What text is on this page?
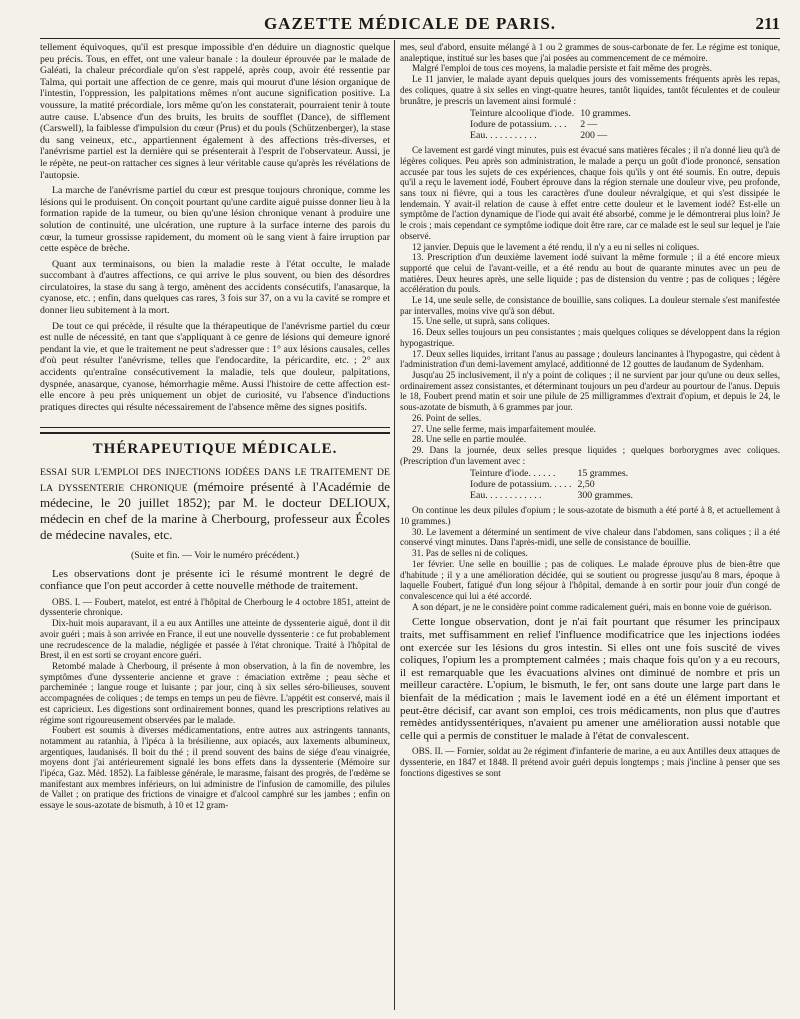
GAZETTE MÉDICALE DE PARIS.	211

tellement équivoques, qu'il est presque impossible d'en déduire un diagnostic quelque peu précis. Tous, en effet, ont une valeur banale : la douleur éprouvée par le malade de Galéati, la chaleur précordiale qu'on s'est rappelé, après coup, avoir été ressentie par Talma, qui portait une affection de ce genre, mais qui mourut d'une lésion organique de l'intestin, l'oppression, les palpitations mêmes n'ont aucune signification positive. La voussure, la matité précordiale, lors même qu'on les constaterait, pourraient tenir à toute autre cause. L'absence d'un des bruits, les bruits de soufflet (Dance), de sifflement (Carswell), la faiblesse d'impulsion du cœur (Prus) et du pouls (Schützenberger), la stase du sang veineux, etc., appartiennent également à des affections très-diverses, et l'anévrisme partiel est la dernière qui se présenterait à l'esprit de l'observateur. Aussi, je le répète, ne peut-on rattacher ces signes à leur véritable cause qu'après les révélations de l'autopsie.

La marche de l'anévrisme partiel du cœur est presque toujours chronique, comme les lésions qui le produisent. On conçoit pourtant qu'une cardite aiguë puisse donner lieu à la formation rapide de la tumeur, ou bien qu'une lésion chronique venant à produire une solution de continuité, une ulcération, une rupture à la surface interne des parois du cœur, la tumeur grossisse rapidement, du moment où le sang vient à faire irruption par cette espèce de brèche.

Quant aux terminaisons, ou bien la maladie reste à l'état occulte, le malade succombant à d'autres affections, ce qui arrive le plus souvent, ou bien des désordres circulatoires, la stase du sang à tergo, amènent des accidents consécutifs, l'anasarque, la cyanose, etc. ; enfin, dans quelques cas rares, 3 fois sur 37, on a vu la cavité se rompre et donner lieu subitement à la mort.

De tout ce qui précède, il résulte que la thérapeutique de l'anévrisme partiel du cœur est nulle de nécessité, en tant que s'appliquant à ce genre de lésions qui demeure ignoré pendant la vie, et que le traitement ne peut s'adresser que : 1° aux lésions causales, celles d'où peut résulter l'anévrisme, telles que l'endocardite, la péricardite, etc. ; 2° aux accidents qu'entraîne consécutivement la maladie, tels que douleur, palpitations, dyspnée, anasarque, cyanose, hémorrhagie même. Aussi l'histoire de cette affection est-elle encore à peu près uniquement un objet de curiosité, vu l'absence d'inductions pratiques directes qui résulte nécessairement de l'absence même des signes positifs.

THÉRAPEUTIQUE MÉDICALE.

ESSAI SUR L'EMPLOI DES INJECTIONS IODÉES DANS LE TRAITEMENT DE LA DYSSENTERIE CHRONIQUE (mémoire présenté à l'Académie de médecine, le 20 juillet 1852); par M. le docteur DELIOUX, médecin en chef de la marine à Cherbourg, professeur aux Écoles de médecine navales, etc.

(Suite et fin. — Voir le numéro précédent.)

Les observations dont je présente ici le résumé montrent le degré de confiance que l'on peut accorder à cette nouvelle méthode de traitement.

OBS. I. — Foubert, matelot, est entré à l'hôpital de Cherbourg le 4 octobre 1851, atteint de dyssenterie chronique.

Dix-huit mois auparavant, il a eu aux Antilles une atteinte de dyssenterie aiguë, dont il dit avoir guéri ; mais à son arrivée en France, il eut une nouvelle dyssenterie : ce fut probablement une recrudescence de la maladie, négligée et passée à l'état chronique. Traité à l'hôpital de Brest, il en est sorti se croyant encore guéri.

Retombé malade à Cherbourg, il présente à mon observation, à la fin de novembre, les symptômes d'une dyssenterie ancienne et grave : émaciation extrême ; peau sèche et parcheminée ; langue rouge et luisante ; par jour, cinq à six selles séro-bilieuses, souvent accompagnées de coliques ; de temps en temps un peu de fièvre. L'appétit est conservé, mais il est capricieux. Les digestions sont ordinairement bonnes, quand les prescriptions relatives au régime sont rigoureusement observées par le malade.

Foubert est soumis à diverses médicamentations, entre autres aux astringents tannants, notamment au ratanhia, à l'ipéca à la brésilienne, aux opiacés, aux laxements albumineux, argentiques, laudanisés. Il boit du thé ; il prend souvent des bains de siége d'eau vinaigrée, moyens dont j'ai antérieurement signalé les bons effets dans la dyssenterie (Mémoire sur l'ipéca, Gaz. Méd. 1852). La faiblesse générale, le marasme, faisant des progrès, de l'œdème se manifestant aux membres inférieurs, on lui administre de l'infusion de camomille, des pilules de Vallet ; on pratique des frictions de vinaigre et d'alcool camphré sur les jambes ; enfin on essaye le sous-azotate de bismuth, à 10 et 12 gram-

mes, seul d'abord, ensuite mélangé à 1 ou 2 grammes de sous-carbonate de fer. Le régime est tonique, analeptique, institué sur les bases que j'ai posées au commencement de ce mémoire.

Malgré l'emploi de tous ces moyens, la maladie persiste et fait même des progrès.

Le 11 janvier, le malade ayant depuis quelques jours des vomissements fréquents après les repas, des coliques, quatre à six selles en vingt-quatre heures, tantôt liquides, tantôt féculentes et de couleur brunâtre, je prescris un lavement ainsi formulé :

Teinture alcoolique d'iode.	10 grammes.
Iodure de potassium. . . .	2 —
Eau. . . . . . . . . . .	200 —

Ce lavement est gardé vingt minutes, puis est évacué sans matières fécales ; il n'a donné lieu qu'à de légères coliques. Peu après son administration, le malade a perçu un goût d'iode prononcé, sensation accusée par tous les sujets de ces expériences, chaque fois qu'ils y ont été soumis. En outre, depuis qu'il a reçu le lavement iodé, Foubert éprouve dans la région sternale une douleur vive, peu profonde, sans toux ni fièvre, qui a tous les caractères d'une douleur névralgique, et qui s'est dissipée le lendemain. Y avait-il relation de cause à effet entre cette douleur et le lavement iodé? Est-elle un symptôme de l'action dynamique de l'iode qui avait été absorbé, comme je le démontrerai plus loin? Je le crois ; mais cependant ce symptôme iodique doit être rare, car ce malade est le seul sur lequel je l'aie observé.

12 janvier. Depuis que le lavement a été rendu, il n'y a eu ni selles ni coliques.

13. Prescription d'un deuxième lavement iodé suivant la même formule ; il a été encore mieux supporté que celui de l'avant-veille, et a été rendu au bout de quarante minutes avec un peu de matières. Deux heures après, une selle liquide ; pas de distension du ventre ; pas de coliques ; légère accélération du pouls.

Le 14, une seule selle, de consistance de bouillie, sans coliques. La douleur sternale s'est manifestée par intervalles, moins vive qu'à son début.

15. Une selle, ut suprà, sans coliques.

16. Deux selles toujours un peu consistantes ; mais quelques coliques se développent dans la région hypogastrique.

17. Deux selles liquides, irritant l'anus au passage ; douleurs lancinantes à l'hypogastre, qui cèdent à l'administration d'un demi-lavement amylacé, additionné de 12 gouttes de laudanum de Sydenham.

Jusqu'au 25 inclusivement, il n'y a point de coliques ; il ne survient par jour qu'une ou deux selles, ordinairement assez consistantes, et déterminant toujours un peu d'ardeur au pourtour de l'anus. Depuis le 18, Foubert prend matin et soir une pilule de 25 milligrammes d'extrait d'opium, et depuis le 24, le sous-azotate de bismuth, à 6 grammes par jour.

26. Point de selles.

27. Une selle ferme, mais imparfaitement moulée.

28. Une selle en partie moulée.

29. Dans la journée, deux selles presque liquides ; quelques borborygmes avec coliques. (Prescription d'un lavement avec :

Teinture d'iode. . . . . .	15 grammes.
Iodure de potassium. . . . .	2,50
Eau. . . . . . . . . . . .	300 grammes.

On continue les deux pilules d'opium ; le sous-azotate de bismuth a été porté à 8, et actuellement à 10 grammes.)

30. Le lavement a déterminé un sentiment de vive chaleur dans l'abdomen, sans coliques ; il a été conservé vingt minutes. Dans l'après-midi, une selle de consistance de bouillie.

31. Pas de selles ni de coliques.

1er février. Une selle en bouillie ; pas de coliques. Le malade éprouve plus de bien-être que d'habitude ; il y a une amélioration décidée, qui se soutient ou progresse jusqu'au 8 mars, époque à laquelle Foubert, fatigué d'un long séjour à l'hôpital, demande à en sortir pour jouir d'un congé de convalescence qui lui a été accordé.

A son départ, je ne le considère point comme radicalement guéri, mais en bonne voie de guérison.

Cette longue observation, dont je n'ai fait pourtant que résumer les principaux traits, met suffisamment en relief l'influence modificatrice que les injections iodées ont exercée sur les lésions du gros intestin. Si elles ont une fois suscité de vives coliques, l'opium les a promptement calmées ; mais chaque fois qu'on y a eu recours, il est remarquable que les évacuations alvines ont diminué de nombre et pris un meilleur caractère. L'opium, le bismuth, le fer, ont sans doute une large part dans le bienfait de la médication ; mais le lavement iodé en a été un élément important et peut-être décisif, car avant son emploi, ces trois médicaments, non plus que d'autres remèdes antidyssentériques, n'avaient pu amener une amélioration aussi notable que celle qui a permis de constituer le malade à l'état de convalescent.

OBS. II. — Fornier, soldat au 2e régiment d'infanterie de marine, a eu aux Antilles deux attaques de dyssenterie, en 1847 et 1848. Il prétend avoir guéri depuis longtemps ; mais j'incline à penser que ses fonctions digestives se sont
